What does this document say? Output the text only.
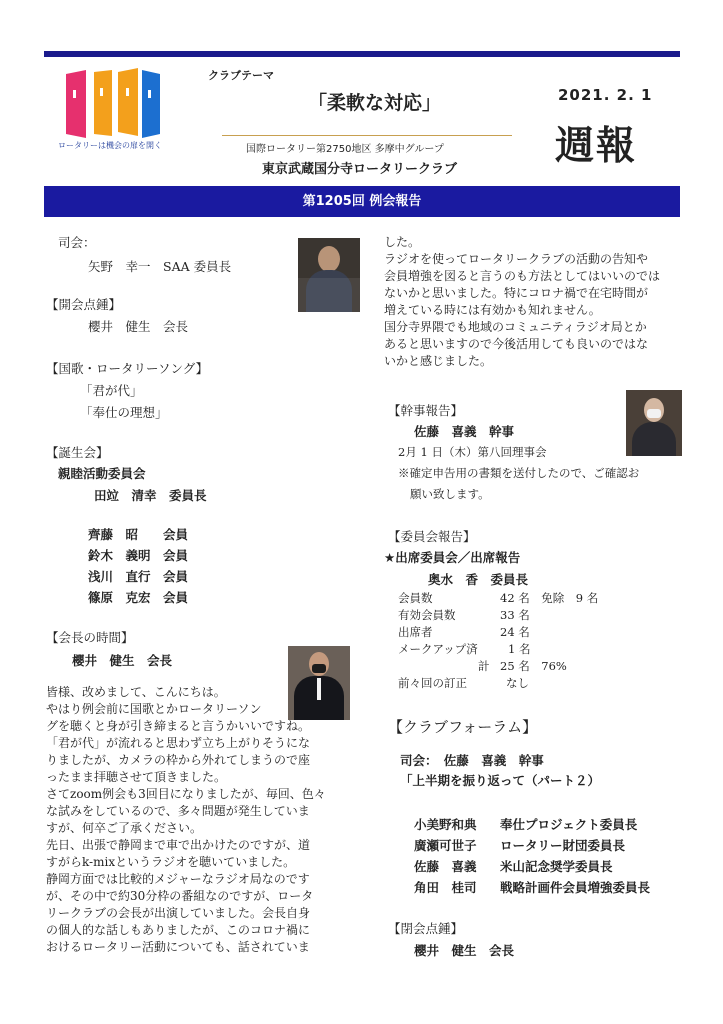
ロータリーは機会の扉を開く
クラブテーマ
「柔軟な対応」	2021. 2. 1
週報
国際ロータリー第2750地区 多摩中グループ
東京武蔵国分寺ロータリークラブ
第1205回 例会報告
司会：
矢野　幸一　SAA 委員長
【開会点鍾】
櫻井　健生　会長
【国歌・ロータリーソング】
「君が代」
「奉仕の理想」
【誕生会】
親睦活動委員会
田竝　清幸　委員長
齊藤　昭　　会員
鈴木　義明　会員
浅川　直行　会員
篠原　克宏　会員
【会長の時間】
櫻井　健生　会長
皆様、改めまして、こんにちは。
やはり例会前に国歌とかロータリーソン
グを聴くと身が引き締まると言うかいいですね。
「君が代」が流れると思わず立ち上がりそうにな
りましたが、カメラの枠から外れてしまうので座
ったまま拝聴させて頂きました。
さてzoom例会も3回目になりましたが、毎回、色々
な試みをしているので、多々問題が発生していま
すが、何卒ご了承ください。
先日、出張で静岡まで車で出かけたのですが、道
すがらk-mixというラジオを聴いていました。
静岡方面では比較的メジャーなラジオ局なのです
が、その中で約30分枠の番組なのですが、ロータ
リークラブの会長が出演していました。会長自身
の個人的な話しもありましたが、このコロナ禍に
おけるロータリー活動についても、話されていま
した。
ラジオを使ってロータリークラブの活動の告知や
会員増強を図ると言うのも方法としてはいいのでは
ないかと思いました。特にコロナ禍で在宅時間が
増えている時には有効かも知れません。
国分寺界隈でも地域のコミュニティラジオ局とか
あると思いますので今後活用しても良いのではな
いかと感じました。
【幹事報告】
佐藤　喜義　幹事
2月 1 日（木）第八回理事会
※確定申告用の書類を送付したので、ご確認お
願い致します。
【委員会報告】
★出席委員会／出席報告
奥水　香　委員長
会員数	42 名　免除　9 名
有効会員数	33 名
出席者	24 名
メークアップ済	1 名
計 25 名　76%
前々回の訂正	なし
【クラブフォーラム】
司会：　佐藤　喜義　幹事
「上半期を振り返って（パート２）
小美野和典 奉仕プロジェクト委員長
廣瀬可世子 ロータリー財団委員長
佐藤　喜義 米山記念奨学委員長
角田　桂司 戦略計画件会員増強委員長
【閉会点鍾】
櫻井　健生　会長
